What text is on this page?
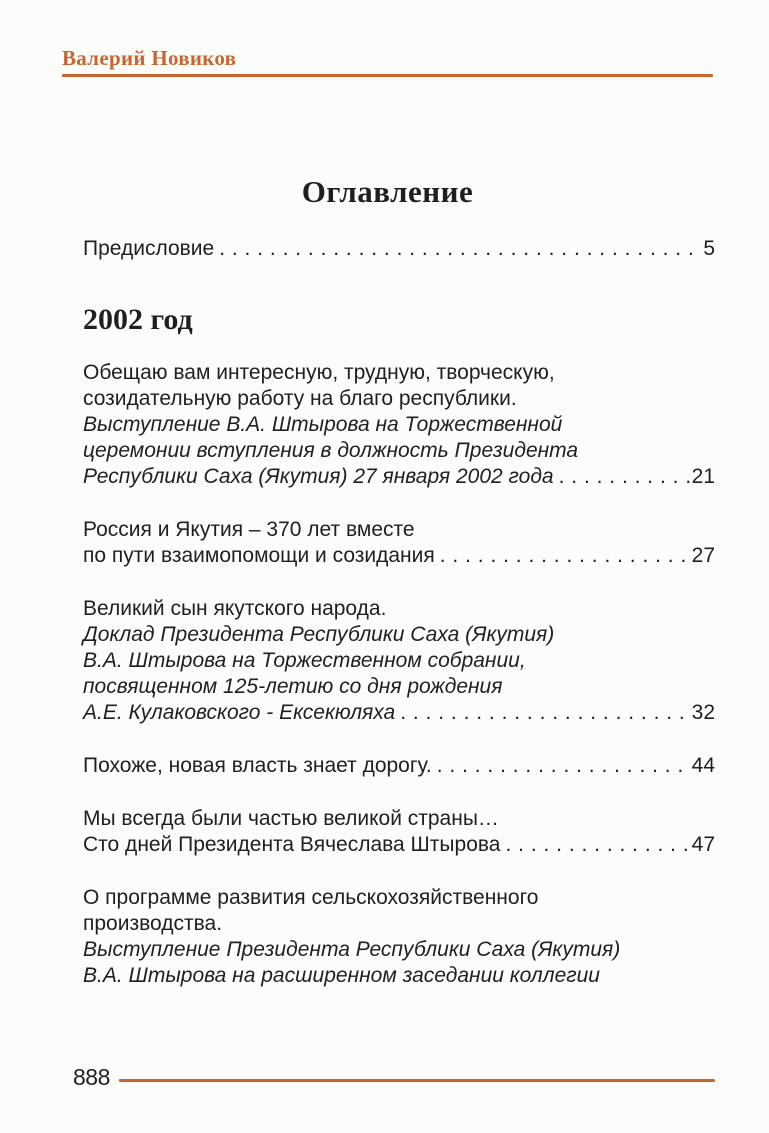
Валерий Новиков
Оглавление
Предисловие . . .	5
2002 год
Обещаю вам интересную, трудную, творческую,
созидательную работу на благо республики.
Выступление В.А. Штырова на Торжественной
церемонии вступления в должность Президента
Республики Саха (Якутия) 27 января 2002 года . . .	21
Россия и Якутия – 370 лет вместе
по пути взаимопомощи и созидания . . .	27
Великий сын якутского народа.
Доклад Президента Республики Саха (Якутия)
В.А. Штырова на Торжественном собрании,
посвященном 125-летию со дня рождения
А.Е. Кулаковского - Ексекюляха . . .	32
Похоже, новая власть знает дорогу. . . .	44
Мы всегда были частью великой страны…
Сто дней Президента Вячеслава Штырова . . .	47
О программе развития сельскохозяйственного
производства.
Выступление Президента Республики Саха (Якутия)
В.А. Штырова на расширенном заседании коллегии
888
